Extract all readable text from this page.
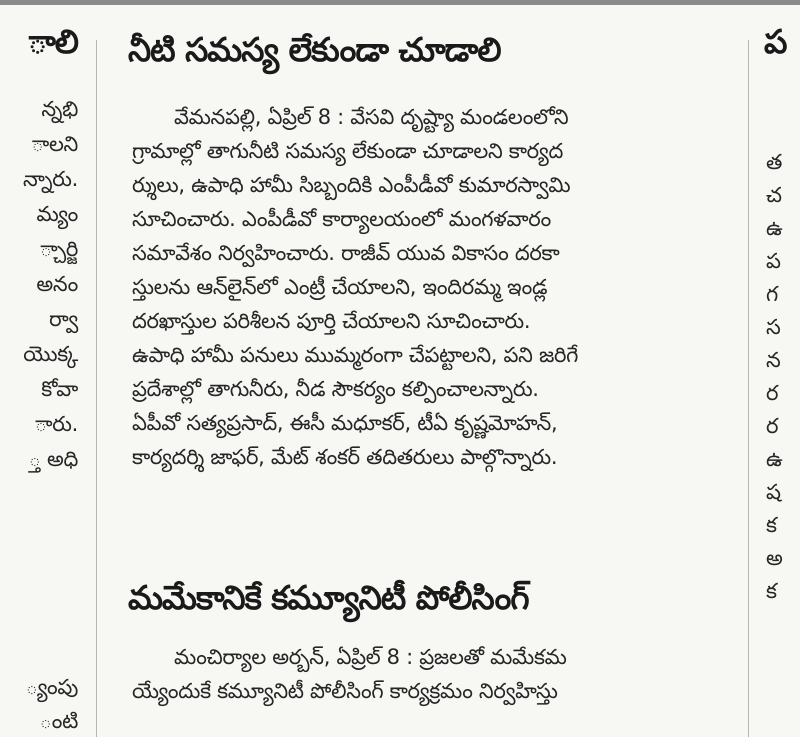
ాలి
న్నభి
ాలని
న్నారు.
మ్యం
్చార్జి
అనం
ర్వా
యొక్క
కోవా
ారు.
్త అధి
్యంపు
ంటి
నీటి సమస్య లేకుండా చూడాలి
వేమనపల్లి, ఏప్రిల్ 8 : వేసవి దృష్ట్యా మండలంలోని
గ్రామాల్లో తాగునీటి సమస్య లేకుండా చూడాలని కార్యద
ర్శులు, ఉపాధి హామీ సిబ్బందికి ఎంపీడీవో కుమారస్వామి
సూచించారు. ఎంపీడీవో కార్యాలయంలో మంగళవారం
సమావేశం నిర్వహించారు. రాజీవ్ యువ వికాసం దరకా
స్తులను ఆన్‌లైన్‌లో ఎంట్రీ చేయాలని, ఇందిరమ్మ ఇండ్ల
దరఖాస్తుల పరిశీలన పూర్తి చేయాలని సూచించారు.
ఉపాధి హామీ పనులు ముమ్మరంగా చేపట్టాలని, పని జరిగే
ప్రదేశాల్లో తాగునీరు, నీడ సౌకర్యం కల్పించాలన్నారు.
ఏపీవో సత్యప్రసాద్, ఈసీ మధూకర్, టీఏ కృష్ణమోహన్,
కార్యదర్శి జాఫర్, మేట్ శంకర్ తదితరులు పాల్గొన్నారు.
మమేకానికే కమ్యూనిటీ పోలీసింగ్
మంచిర్యాల అర్బన్, ఏప్రిల్ 8 : ప్రజలతో మమేకమ
య్యేందుకే కమ్యూనిటీ పోలీసింగ్ కార్యక్రమం నిర్వహిస్తు
ప
త
చ
ఉ
ప
గ
స
న
ర
ర
ఉ
ష
క
అ
క
